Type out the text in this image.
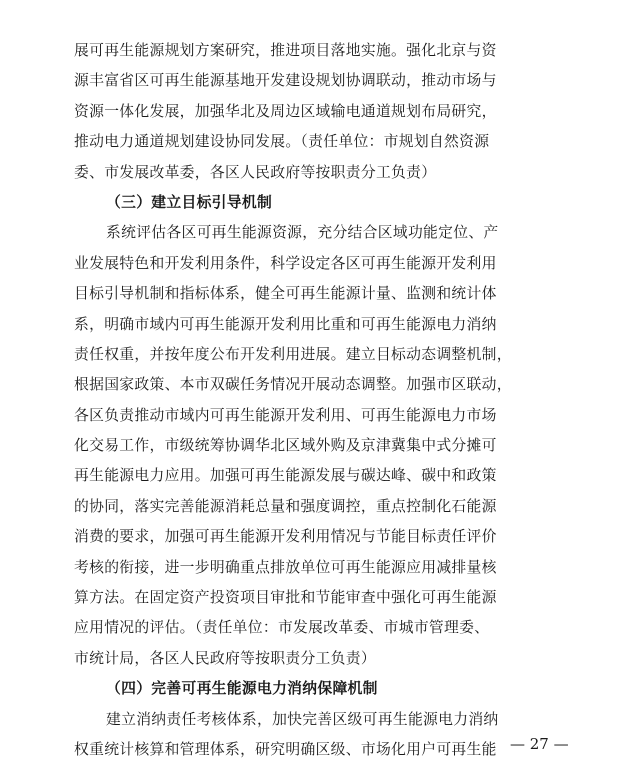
展可再生能源规划方案研究，推进项目落地实施。强化北京与资
源丰富省区可再生能源基地开发建设规划协调联动，推动市场与
资源一体化发展，加强华北及周边区域输电通道规划布局研究，
推动电力通道规划建设协同发展。（责任单位：市规划自然资源
委、市发展改革委，各区人民政府等按职责分工负责）
（三）建立目标引导机制
系统评估各区可再生能源资源，充分结合区域功能定位、产
业发展特色和开发利用条件，科学设定各区可再生能源开发利用
目标引导机制和指标体系，健全可再生能源计量、监测和统计体
系，明确市域内可再生能源开发利用比重和可再生能源电力消纳
责任权重，并按年度公布开发利用进展。建立目标动态调整机制，
根据国家政策、本市双碳任务情况开展动态调整。加强市区联动，
各区负责推动市域内可再生能源开发利用、可再生能源电力市场
化交易工作，市级统筹协调华北区域外购及京津冀集中式分摊可
再生能源电力应用。加强可再生能源发展与碳达峰、碳中和政策
的协同，落实完善能源消耗总量和强度调控，重点控制化石能源
消费的要求，加强可再生能源开发利用情况与节能目标责任评价
考核的衔接，进一步明确重点排放单位可再生能源应用减排量核
算方法。在固定资产投资项目审批和节能审查中强化可再生能源
应用情况的评估。（责任单位：市发展改革委、市城市管理委、
市统计局，各区人民政府等按职责分工负责）
（四）完善可再生能源电力消纳保障机制
建立消纳责任考核体系，加快完善区级可再生能源电力消纳
权重统计核算和管理体系，研究明确区级、市场化用户可再生能 — 27 —
